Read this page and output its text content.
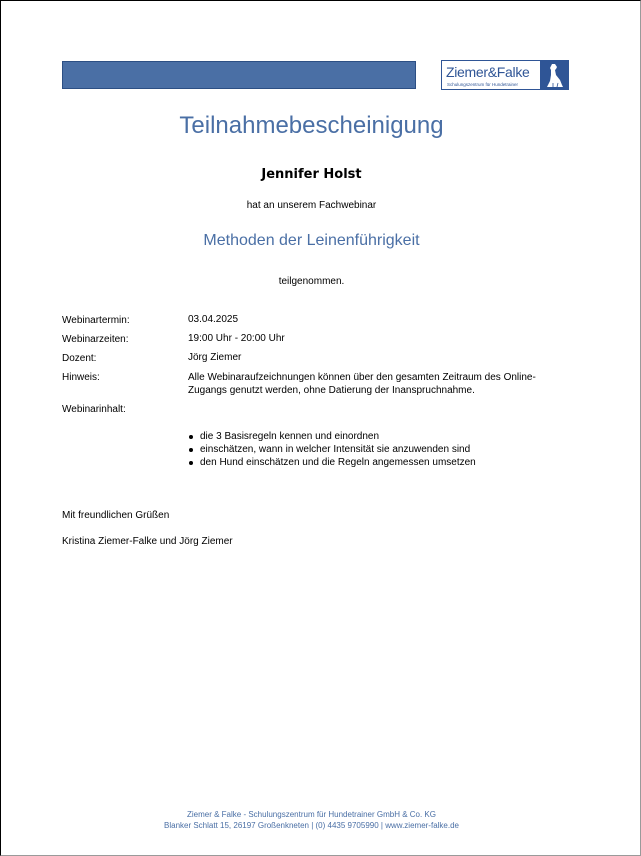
Ziemer&Falke
Schulungszentrum für Hundetrainer
Teilnahmebescheinigung
Jennifer Holst
hat an unserem Fachwebinar
Methoden der Leinenführigkeit
teilgenommen.
Webinartermin:	03.04.2025
Webinarzeiten:	19:00 Uhr - 20:00 Uhr
Dozent:	Jörg Ziemer
Hinweis:	Alle Webinaraufzeichnungen können über den gesamten Zeitraum des Online-
Zugangs genutzt werden, ohne Datierung der Inanspruchnahme.
Webinarinhalt:
die 3 Basisregeln kennen und einordnen
einschätzen, wann in welcher Intensität sie anzuwenden sind
den Hund einschätzen und die Regeln angemessen umsetzen
Mit freundlichen Grüßen
Kristina Ziemer-Falke und Jörg Ziemer
Ziemer & Falke - Schulungszentrum für Hundetrainer GmbH & Co. KG
Blanker Schlatt 15, 26197 Großenkneten | (0) 4435 9705990 | www.ziemer-falke.de
